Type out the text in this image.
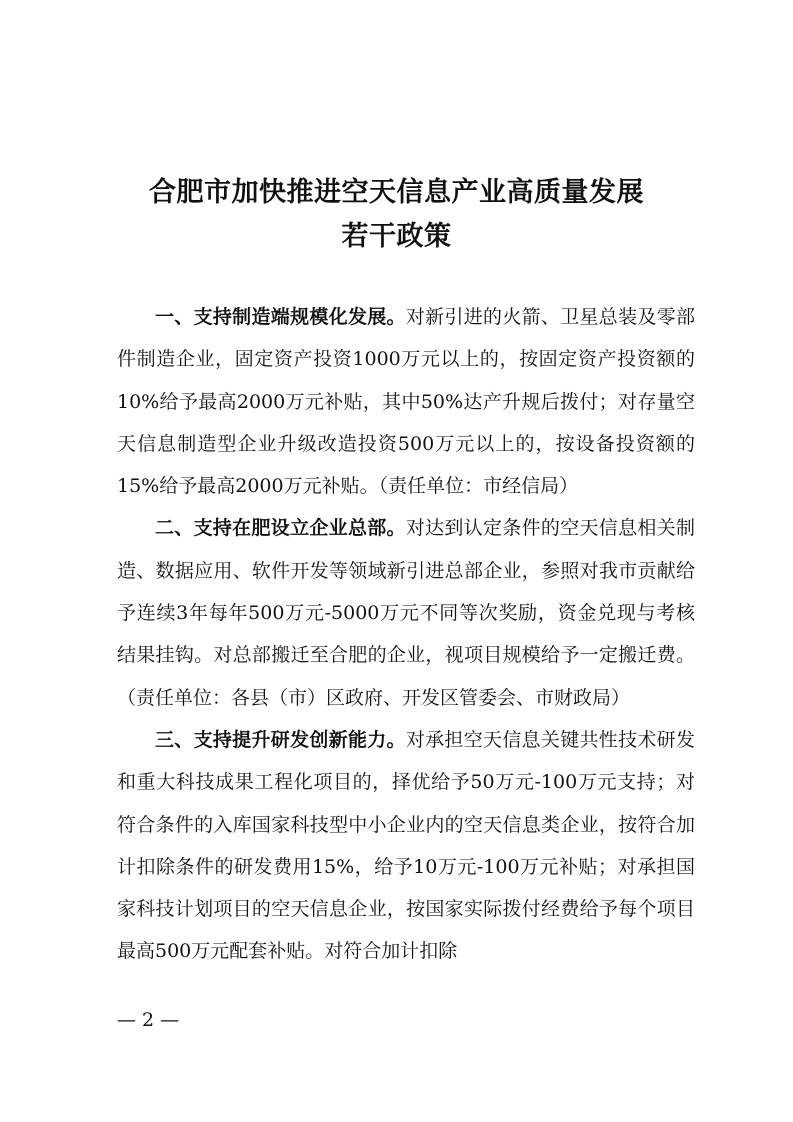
合肥市加快推进空天信息产业高质量发展
若干政策

一、支持制造端规模化发展。对新引进的火箭、卫星总装及零部件制造企业，固定资产投资1000万元以上的，按固定资产投资额的10%给予最高2000万元补贴，其中50%达产升规后拨付；对存量空天信息制造型企业升级改造投资500万元以上的，按设备投资额的15%给予最高2000万元补贴。（责任单位：市经信局）

二、支持在肥设立企业总部。对达到认定条件的空天信息相关制造、数据应用、软件开发等领域新引进总部企业，参照对我市贡献给予连续3年每年500万元-5000万元不同等次奖励，资金兑现与考核结果挂钩。对总部搬迁至合肥的企业，视项目规模给予一定搬迁费。（责任单位：各县（市）区政府、开发区管委会、市财政局）

三、支持提升研发创新能力。对承担空天信息关键共性技术研发和重大科技成果工程化项目的，择优给予50万元-100万元支持；对符合条件的入库国家科技型中小企业内的空天信息类企业，按符合加计扣除条件的研发费用15%，给予10万元-100万元补贴；对承担国家科技计划项目的空天信息企业，按国家实际拨付经费给予每个项目最高500万元配套补贴。对符合加计扣除

— 2 —
